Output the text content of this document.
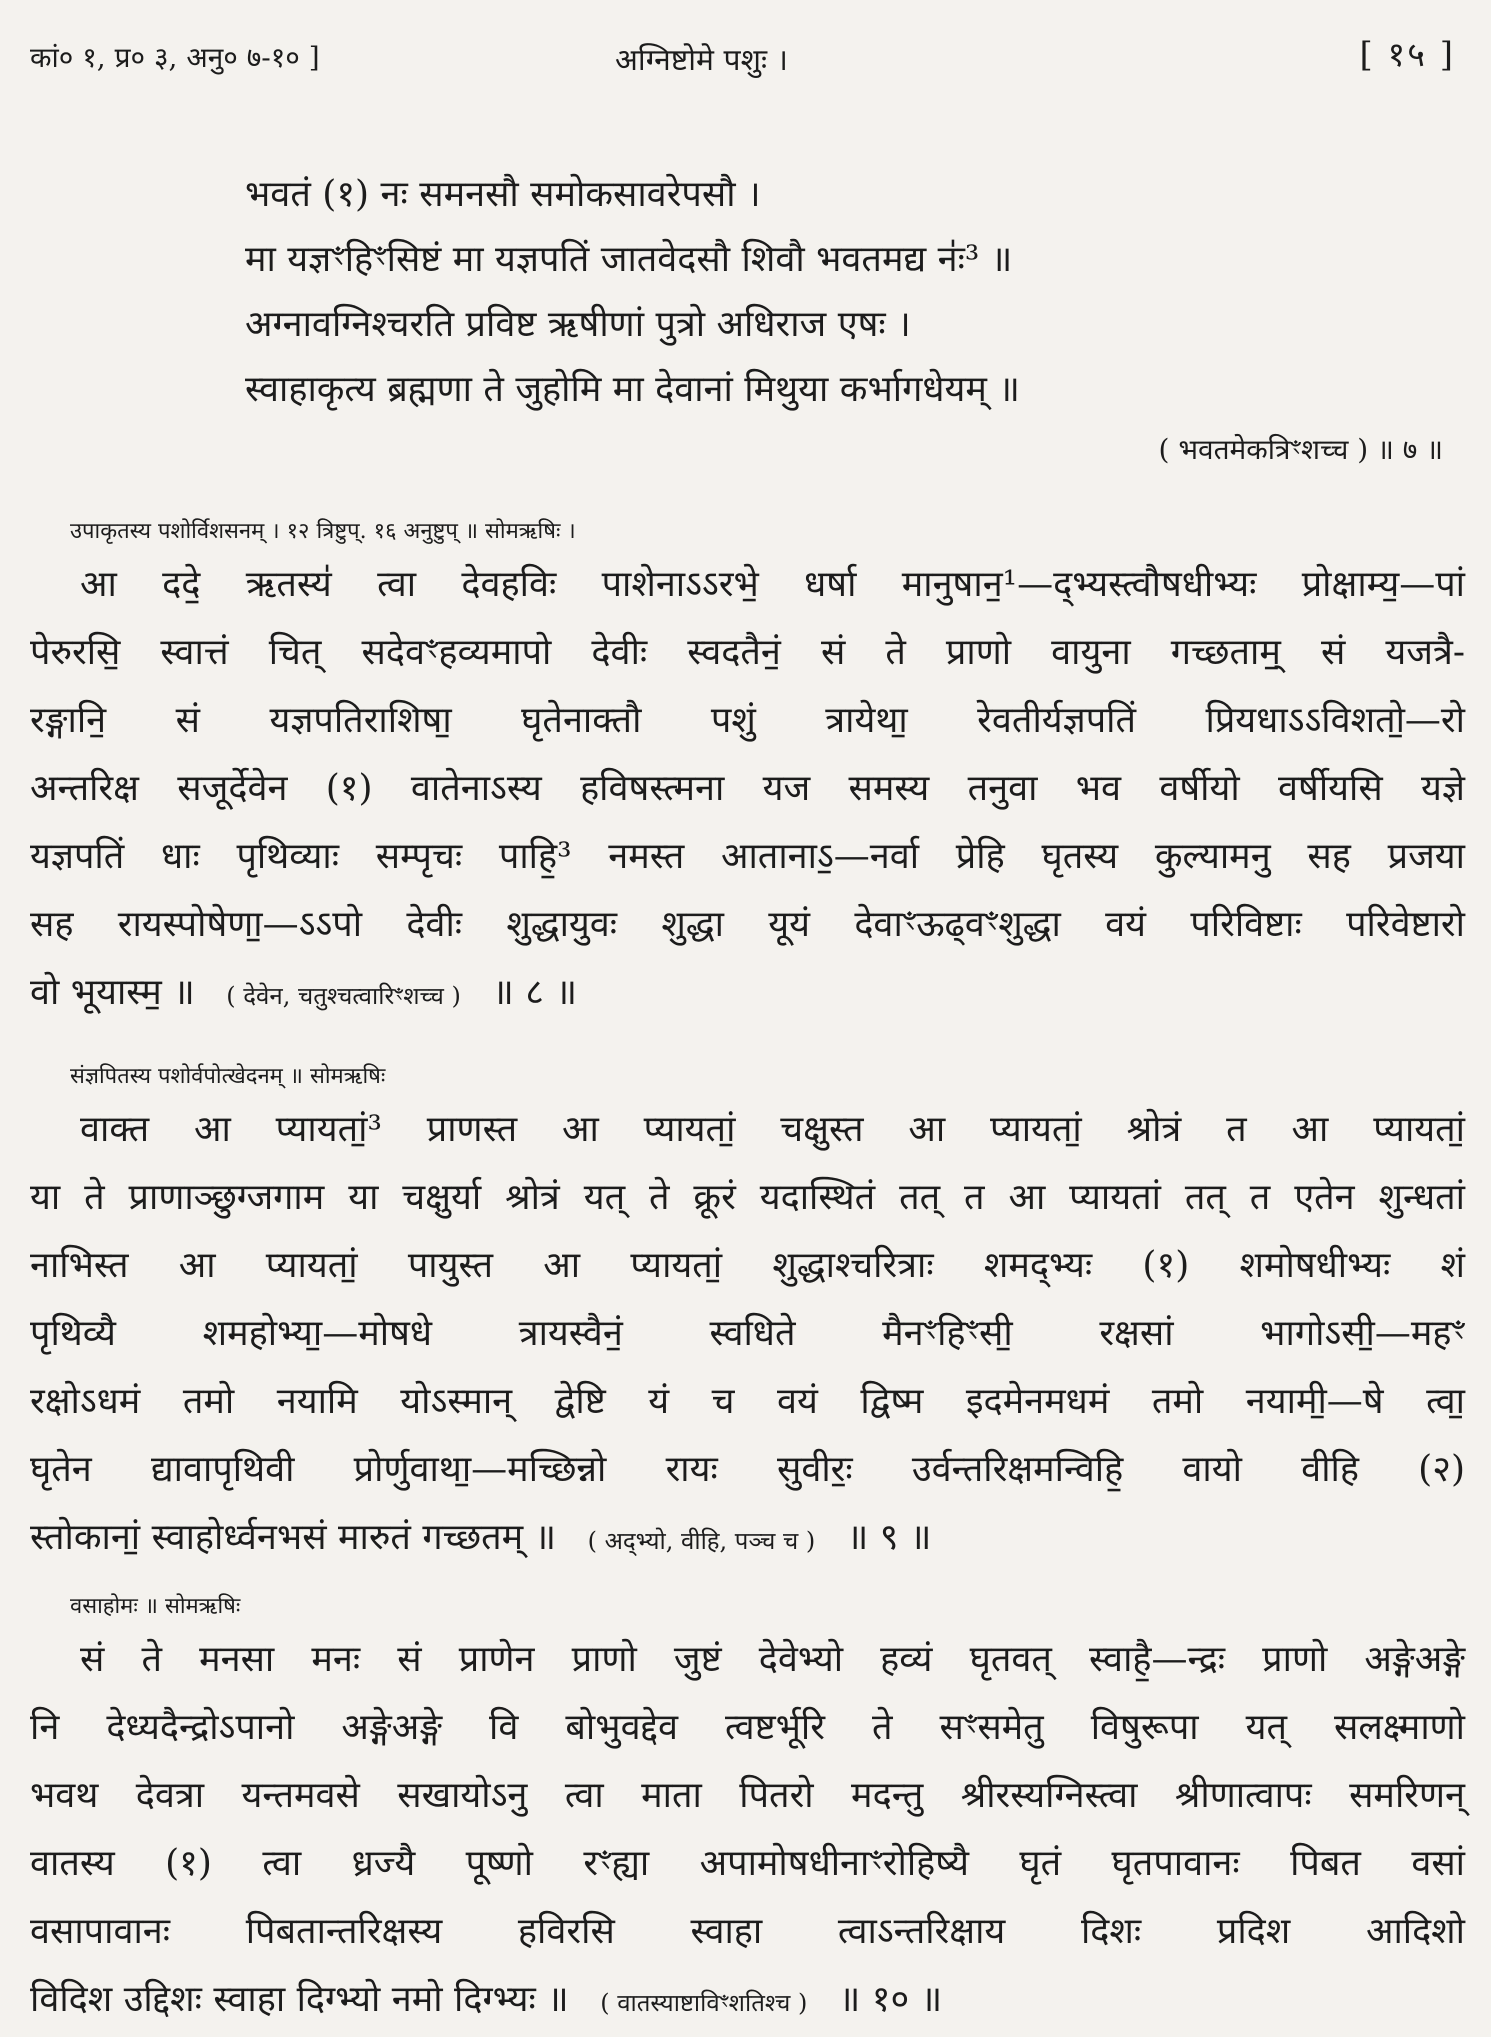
कां० १, प्र० ३, अनु० ७-१० ]	अग्निष्टोमे पशुः ।	[ १५ ]
भवतं (१) नः समनसौ समोकसावरेपसौ ।
मा यज्ञꣳहिꣳसिष्टं मा यज्ञपतिं जातवेदसौ शिवौ भवतमद्य नः॑³ ॥
अग्नावग्निश्चरति प्रविष्ट ऋषीणां पुत्रो अधिराज एषः ।
स्वाहाकृत्य ब्रह्मणा ते जुहोमि मा देवानां मिथुया कर्भागधेयम् ॥
( भवतमेकत्रिꣳशच्च ) ॥ ७ ॥
उपाकृतस्य पशोर्विशसनम् । १२ त्रिष्टुप्. १६ अनुष्टुप् ॥ सोमऋषिः ।
आ ददे॒ ऋतस्य॑ त्वा देवहविः पाशेनाऽऽरभे॒ धर्षा मानुषान॒¹—द्भ्यस्त्वौषधीभ्यः प्रोक्षाम्य॒—पां
पेरुरसि॒ स्वात्तं चित् सदेवꣳहव्यमापो देवीः स्वदतैनं॒ सं ते प्राणो वायुना गच्छताम्॒ सं यजत्रै-
रङ्गानि॒ सं यज्ञपतिराशिषा॒ घृतेनाक्तौ पशुं त्रायेथा॒ रेवतीर्यज्ञपतिं प्रियधाऽऽविशतो॒—रो
अन्तरिक्ष सजूर्देवेन (१) वातेनाऽस्य हविषस्त्मना यज समस्य तनुवा भव वर्षीयो वर्षीयसि यज्ञे
यज्ञपतिं धाः पृथिव्याः सम्पृचः पाहि॒³ नमस्त आतानाऽ॒—नर्वा प्रेहि घृतस्य कुल्यामनु सह प्रजया
सह रायस्पोषेणा॒—ऽऽपो देवीः शुद्धायुवः शुद्धा यूयं देवाꣳऊढ्वꣳशुद्धा वयं परिविष्टाः परिवेष्टारो
वो भूयास्म॒ ॥ ( देवेन, चतुश्चत्वारिꣳशच्च ) ॥ ८ ॥
संज्ञपितस्य पशोर्वपोत्खेदनम् ॥ सोमऋषिः
वाक्त आ प्यायतां॒³ प्राणस्त आ प्यायतां॒ चक्षुस्त आ प्यायतां॒ श्रोत्रं त आ प्यायतां॒
या ते प्राणाञ्छुग्जगाम या चक्षुर्या श्रोत्रं यत् ते क्रूरं यदास्थितं तत् त आ प्यायतां तत् त एतेन शुन्धतां
नाभिस्त आ प्यायतां॒ पायुस्त आ प्यायतां॒ शुद्धाश्चरित्राः शमद्भ्यः (१) शमोषधीभ्यः शं
पृथिव्यै शमहोभ्या॒—मोषधे त्रायस्वैनं॒ स्वधिते मैनꣳहिꣳसी॒ रक्षसां भागोऽसी॒—महꣳ
रक्षोऽधमं तमो नयामि योऽस्मान् द्वेष्टि यं च वयं द्विष्म इदमेनमधमं तमो नयामी॒—षे त्वा॒
घृतेन द्यावापृथिवी प्रोर्णुवाथा॒—मच्छिन्नो रायः सुवीरः॒ उर्वन्तरिक्षमन्विहि॒ वायो वीहि (२)
स्तोकानां॒ स्वाहोर्ध्वनभसं मारुतं गच्छतम् ॥ ( अद्भ्यो, वीहि, पञ्च च ) ॥ ९ ॥
वसाहोमः ॥ सोमऋषिः
सं ते मनसा मनः सं प्राणेन प्राणो जुष्टं देवेभ्यो हव्यं घृतवत् स्वाहै॒—न्द्रः प्राणो अङ्गेअङ्गे
नि देध्यदैन्द्रोऽपानो अङ्गेअङ्गे वि बोभुवद्देव त्वष्टर्भूरि ते सꣳसमेतु विषुरूपा यत् सलक्ष्माणो
भवथ देवत्रा यन्तमवसे सखायोऽनु त्वा माता पितरो मदन्तु श्रीरस्यग्निस्त्वा श्रीणात्वापः समरिणन्
वातस्य (१) त्वा ध्रज्यै पूष्णो रꣳह्या अपामोषधीनाꣳरोहिष्यै घृतं घृतपावानः पिबत वसां
वसापावानः पिबतान्तरिक्षस्य हविरसि स्वाहा त्वाऽन्तरिक्षाय दिशः प्रदिश आदिशो
विदिश उद्दिशः स्वाहा दिग्भ्यो नमो दिग्भ्यः ॥ ( वातस्याष्टाविꣳशतिश्च ) ॥ १० ॥
